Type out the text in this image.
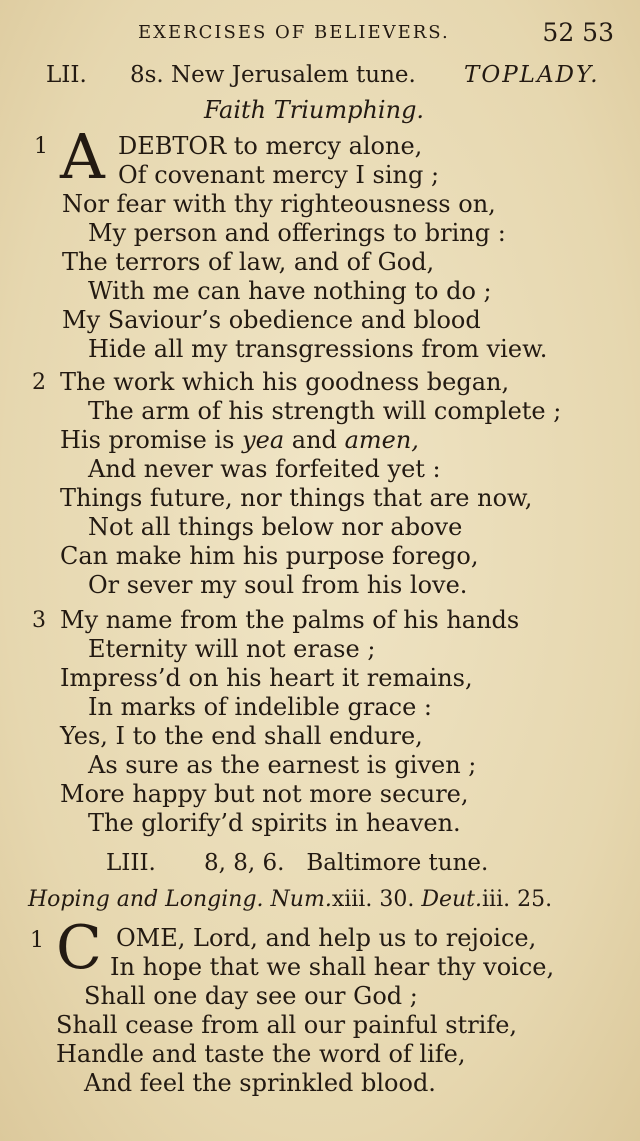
EXERCISES OF BELIEVERS.	52 53
LII. 8s. New Jerusalem tune. TOPLADY.
Faith Triumphing.
1 A DEBTOR to mercy alone,
Of covenant mercy I sing ;
Nor fear with thy righteousness on,
My person and offerings to bring :
The terrors of law, and of God,
With me can have nothing to do ;
My Saviour’s obedience and blood
Hide all my transgressions from view.
2 The work which his goodness began,
The arm of his strength will complete ;
His promise is yea and amen,
And never was forfeited yet :
Things future, nor things that are now,
Not all things below nor above
Can make him his purpose forego,
Or sever my soul from his love.
3 My name from the palms of his hands
Eternity will not erase ;
Impress’d on his heart it remains,
In marks of indelible grace :
Yes, I to the end shall endure,
As sure as the earnest is given ;
More happy but not more secure,
The glorify’d spirits in heaven.
LIII. 8, 8, 6.   Baltimore tune.
Hoping and Longing. Num.xiii. 30. Deut.iii. 25.
1 C OME, Lord, and help us to rejoice,
In hope that we shall hear thy voice,
Shall one day see our God ;
Shall cease from all our painful strife,
Handle and taste the word of life,
And feel the sprinkled blood.
